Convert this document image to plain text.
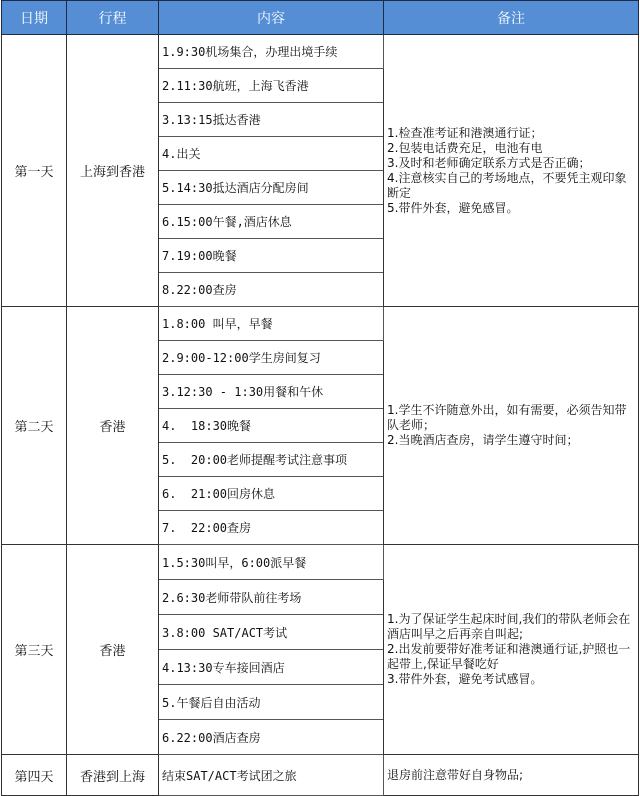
日期	行程	内容	备注
第一天	上海到香港	1.9:30机场集合，办理出境手续	1.检查准考证和港澳通行证；
2.包装电话费充足，电池有电
3.及时和老师确定联系方式是否正确；
4.注意核实自己的考场地点，不要凭主观印象断定
5.带件外套，避免感冒。

		2.11:30航班，上海飞香港	
		3.13:15抵达香港	
		4.出关	
		5.14:30抵达酒店分配房间	
		6.15:00午餐,酒店休息	
		7.19:00晚餐	
		8.22:00查房	
第二天	香港	1.8:00 叫早，早餐	1.学生不许随意外出，如有需要，必须告知带队老师；
2.当晚酒店查房，请学生遵守时间；

		2.9:00-12:00学生房间复习	
		3.12:30 - 1:30用餐和午休	
		4.  18:30晚餐	
		5.  20:00老师提醒考试注意事项	
		6.  21:00回房休息	
		7.  22:00查房	
第三天	香港	1.5:30叫早，6:00派早餐	1.为了保证学生起床时间,我们的带队老师会在酒店叫早之后再亲自叫起;
2.出发前要带好准考证和港澳通行证,护照也一起带上,保证早餐吃好
3.带件外套，避免考试感冒。

		2.6:30老师带队前往考场	
		3.8:00 SAT/ACT考试	
		4.13:30专车接回酒店	
		5.午餐后自由活动	
		6.22:00酒店查房	
第四天	香港到上海	结束SAT/ACT考试团之旅	退房前注意带好自身物品;
